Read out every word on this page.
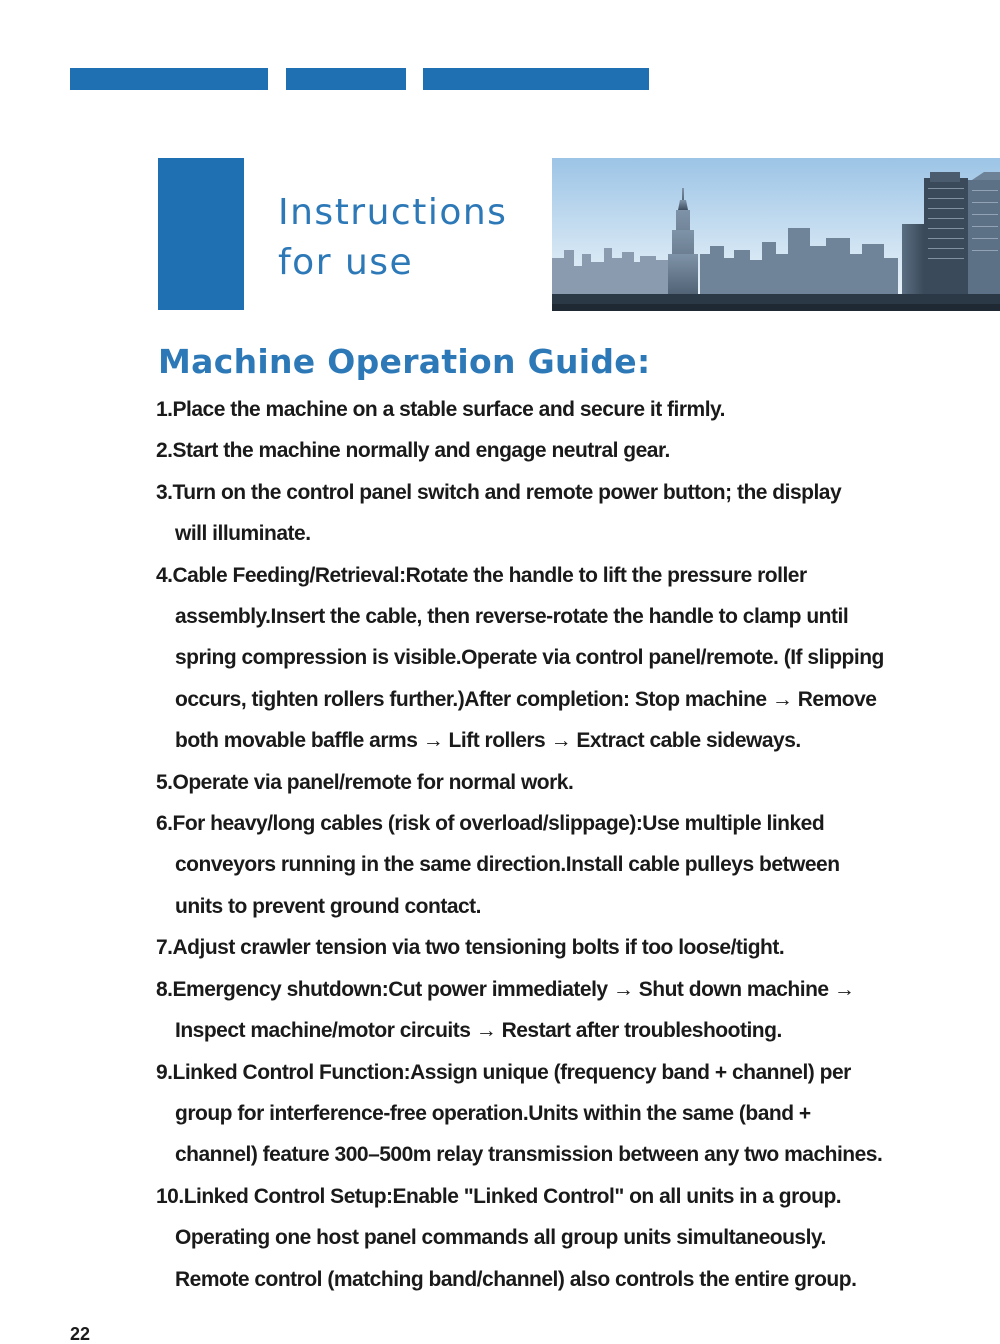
Instructions
for use
Machine Operation Guide:
1.Place the machine on a stable surface and secure it firmly.
2.Start the machine normally and engage neutral gear.
3.Turn on the control panel switch and remote power button; the display
will illuminate.
4.Cable Feeding/Retrieval:Rotate the handle to lift the pressure roller
assembly.Insert the cable, then reverse-rotate the handle to clamp until
spring compression is visible.Operate via control panel/remote. (If slipping
occurs, tighten rollers further.)After completion: Stop machine → Remove
both movable baffle arms → Lift rollers → Extract cable sideways.
5.Operate via panel/remote for normal work.
6.For heavy/long cables (risk of overload/slippage):Use multiple linked
conveyors running in the same direction.Install cable pulleys between
units to prevent ground contact.
7.Adjust crawler tension via two tensioning bolts if too loose/tight.
8.Emergency shutdown:Cut power immediately → Shut down machine →
Inspect machine/motor circuits → Restart after troubleshooting.
9.Linked Control Function:Assign unique (frequency band + channel) per
group for interference-free operation.Units within the same (band +
channel) feature 300–500m relay transmission between any two machines.
10.Linked Control Setup:Enable "Linked Control" on all units in a group.
Operating one host panel commands all group units simultaneously.
Remote control (matching band/channel) also controls the entire group.
22
